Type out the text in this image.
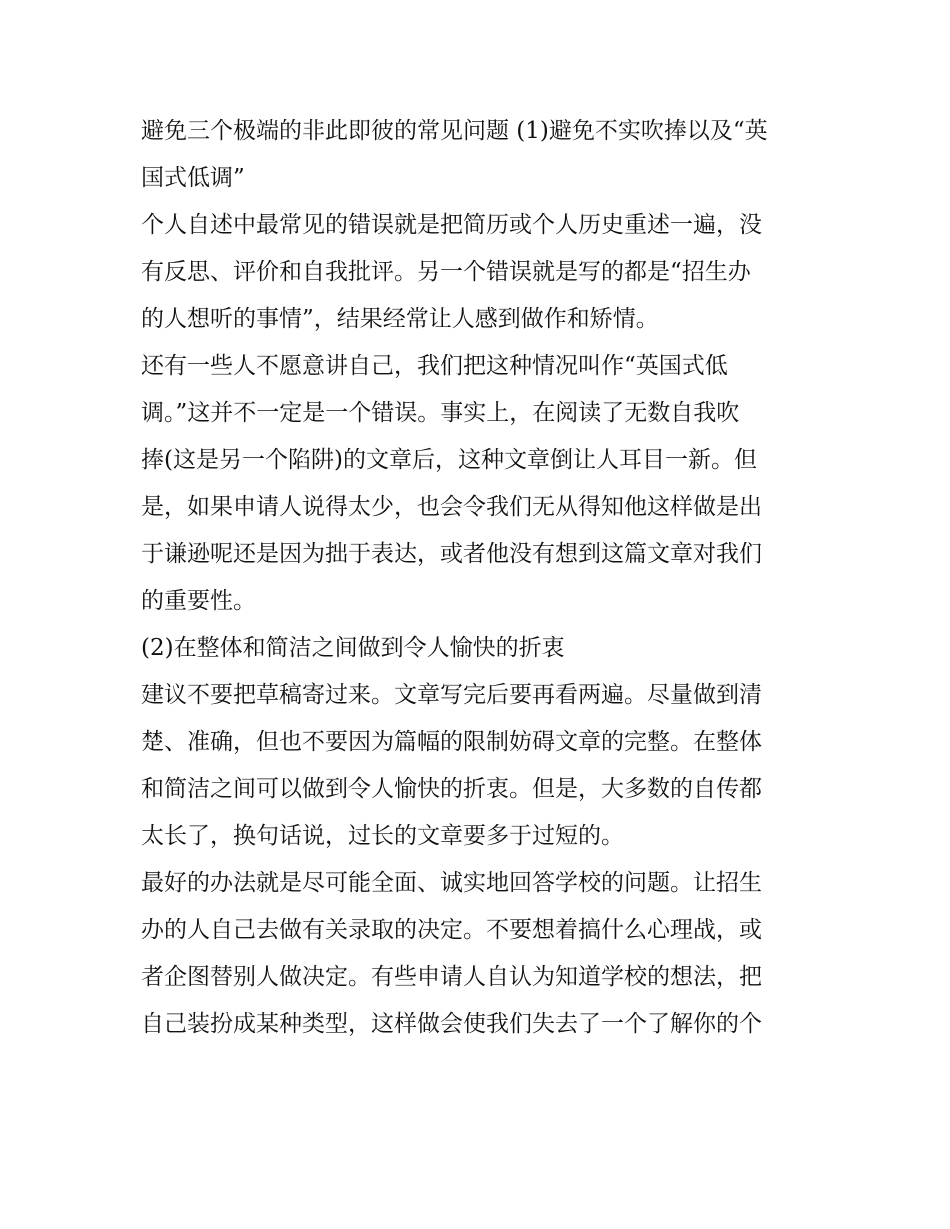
避免三个极端的非此即彼的常见问题 (1)避免不实吹捧以及“英
国式低调”

个人自述中最常见的错误就是把简历或个人历史重述一遍，没
有反思、评价和自我批评。另一个错误就是写的都是“招生办
的人想听的事情”，结果经常让人感到做作和矫情。

还有一些人不愿意讲自己，我们把这种情况叫作“英国式低
调。”这并不一定是一个错误。事实上，在阅读了无数自我吹
捧(这是另一个陷阱)的文章后，这种文章倒让人耳目一新。但
是，如果申请人说得太少，也会令我们无从得知他这样做是出
于谦逊呢还是因为拙于表达，或者他没有想到这篇文章对我们
的重要性。

(2)在整体和简洁之间做到令人愉快的折衷

建议不要把草稿寄过来。文章写完后要再看两遍。尽量做到清
楚、准确，但也不要因为篇幅的限制妨碍文章的完整。在整体
和简洁之间可以做到令人愉快的折衷。但是，大多数的自传都
太长了，换句话说，过长的文章要多于过短的。

最好的办法就是尽可能全面、诚实地回答学校的问题。让招生
办的人自己去做有关录取的决定。不要想着搞什么心理战，或
者企图替别人做决定。有些申请人自认为知道学校的想法，把
自己装扮成某种类型，这样做会使我们失去了一个了解你的个
